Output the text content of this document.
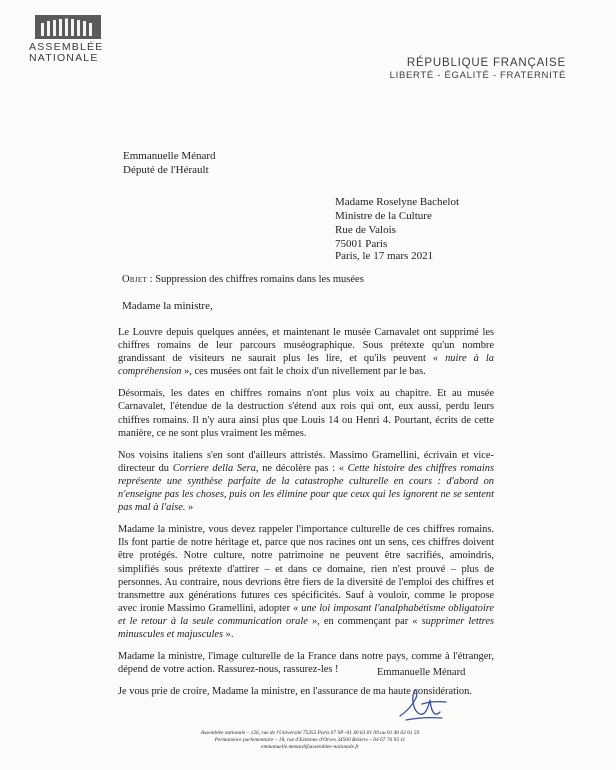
ASSEMBLÉE
NATIONALE	RÉPUBLIQUE FRANÇAISE
LIBERTÉ - ÉGALITÉ - FRATERNITÉ
Emmanuelle Ménard
Député de l'Hérault
Madame Roselyne Bachelot
Ministre de la Culture
Rue de Valois
75001 Paris
Paris, le 17 mars 2021
Objet : Suppression des chiffres romains dans les musées
Madame la ministre,

Le Louvre depuis quelques années, et maintenant le musée Carnavalet ont supprimé les chiffres romains de leur parcours muséographique. Sous prétexte qu'un nombre grandissant de visiteurs ne saurait plus les lire, et qu'ils peuvent « nuire à la compréhension », ces musées ont fait le choix d'un nivellement par le bas.

Désormais, les dates en chiffres romains n'ont plus voix au chapitre. Et au musée Carnavalet, l'étendue de la destruction s'étend aux rois qui ont, eux aussi, perdu leurs chiffres romains. Il n'y aura ainsi plus que Louis 14 ou Henri 4. Pourtant, écrits de cette manière, ce ne sont plus vraiment les mêmes.

Nos voisins italiens s'en sont d'ailleurs attristés. Massimo Gramellini, écrivain et vice-directeur du Corriere della Sera, ne décolère pas : « Cette histoire des chiffres romains représente une synthèse parfaite de la catastrophe culturelle en cours : d'abord on n'enseigne pas les choses, puis on les élimine pour que ceux qui les ignorent ne se sentent pas mal à l'aise. »

Madame la ministre, vous devez rappeler l'importance culturelle de ces chiffres romains. Ils font partie de notre héritage et, parce que nos racines ont un sens, ces chiffres doivent être protégés. Notre culture, notre patrimoine ne peuvent être sacrifiés, amoindris, simplifiés sous prétexte d'attirer – et dans ce domaine, rien n'est prouvé – plus de personnes. Au contraire, nous devrions être fiers de la diversité de l'emploi des chiffres et transmettre aux générations futures ces spécificités. Sauf à vouloir, comme le propose avec ironie Massimo Gramellini, adopter « une loi imposant l'analphabétisme obligatoire et le retour à la seule communication orale », en commençant par « supprimer lettres minuscules et majuscules ».

Madame la ministre, l'image culturelle de la France dans notre pays, comme à l'étranger, dépend de votre action. Rassurez-nous, rassurez-les !

Je vous prie de croire, Madame la ministre, en l'assurance de ma haute considération.

Emmanuelle Ménard
Assemblée nationale – 126, rue de l'Université 75355 Paris 07 SP -01 40 63 01 09 ou 01 40 63 01 59
Permanence parlementaire – 18, rue d'Estienne d'Orves 34500 Béziers – 04 67 76 93 11
emmanuelle.menard@assemblee-nationale.fr
